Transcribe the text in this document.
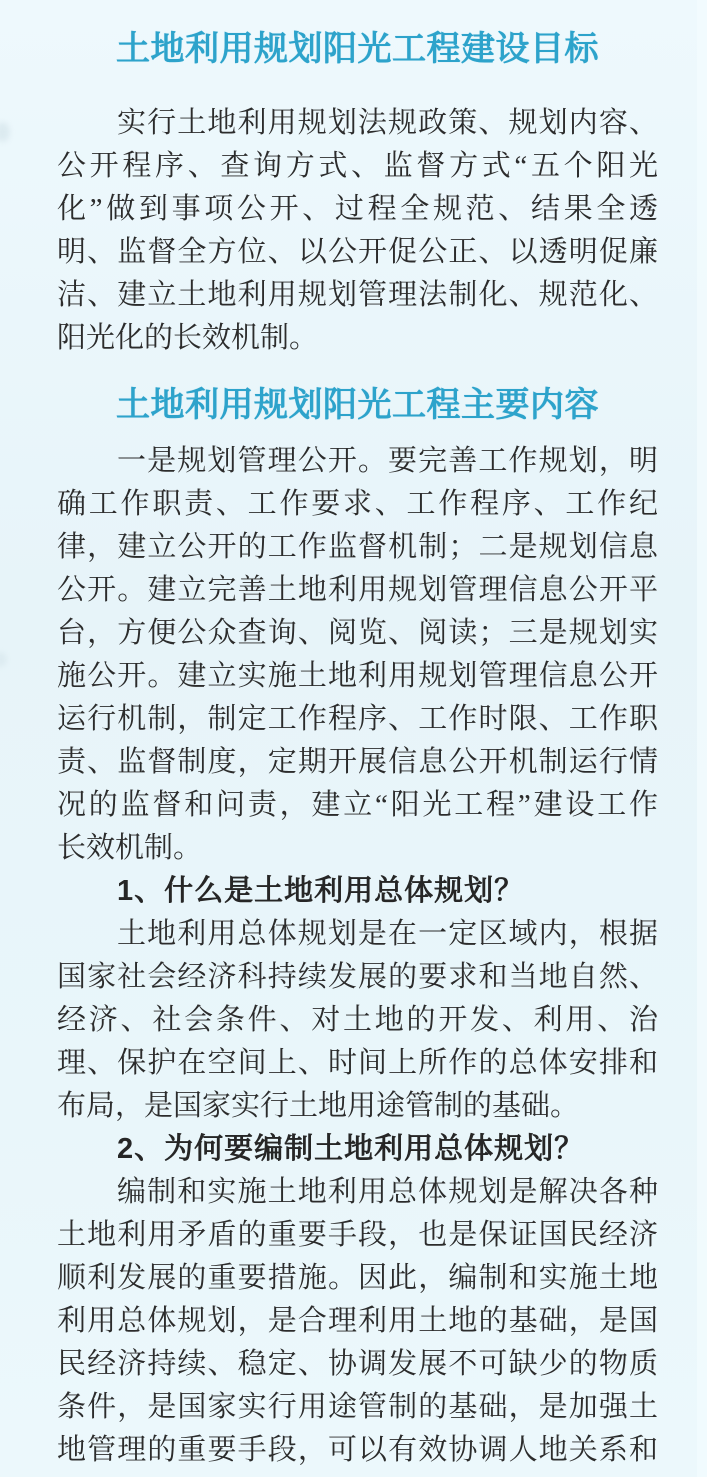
土地利用规划阳光工程建设目标
实行土地利用规划法规政策、规划内容、
公开程序、查询方式、监督方式“五个阳光
化”做到事项公开、过程全规范、结果全透
明、监督全方位、以公开促公正、以透明促廉
洁、建立土地利用规划管理法制化、规范化、
阳光化的长效机制。
土地利用规划阳光工程主要内容
一是规划管理公开。要完善工作规划，明
确工作职责、工作要求、工作程序、工作纪
律，建立公开的工作监督机制；二是规划信息
公开。建立完善土地利用规划管理信息公开平
台，方便公众查询、阅览、阅读；三是规划实
施公开。建立实施土地利用规划管理信息公开
运行机制，制定工作程序、工作时限、工作职
责、监督制度，定期开展信息公开机制运行情
况的监督和问责，建立“阳光工程”建设工作
长效机制。
1、什么是土地利用总体规划？
土地利用总体规划是在一定区域内，根据
国家社会经济科持续发展的要求和当地自然、
经济、社会条件、对土地的开发、利用、治
理、保护在空间上、时间上所作的总体安排和
布局，是国家实行土地用途管制的基础。
2、为何要编制土地利用总体规划？
编制和实施土地利用总体规划是解决各种
土地利用矛盾的重要手段，也是保证国民经济
顺利发展的重要措施。因此，编制和实施土地
利用总体规划，是合理利用土地的基础，是国
民经济持续、稳定、协调发展不可缺少的物质
条件，是国家实行用途管制的基础，是加强土
地管理的重要手段，可以有效协调人地关系和
